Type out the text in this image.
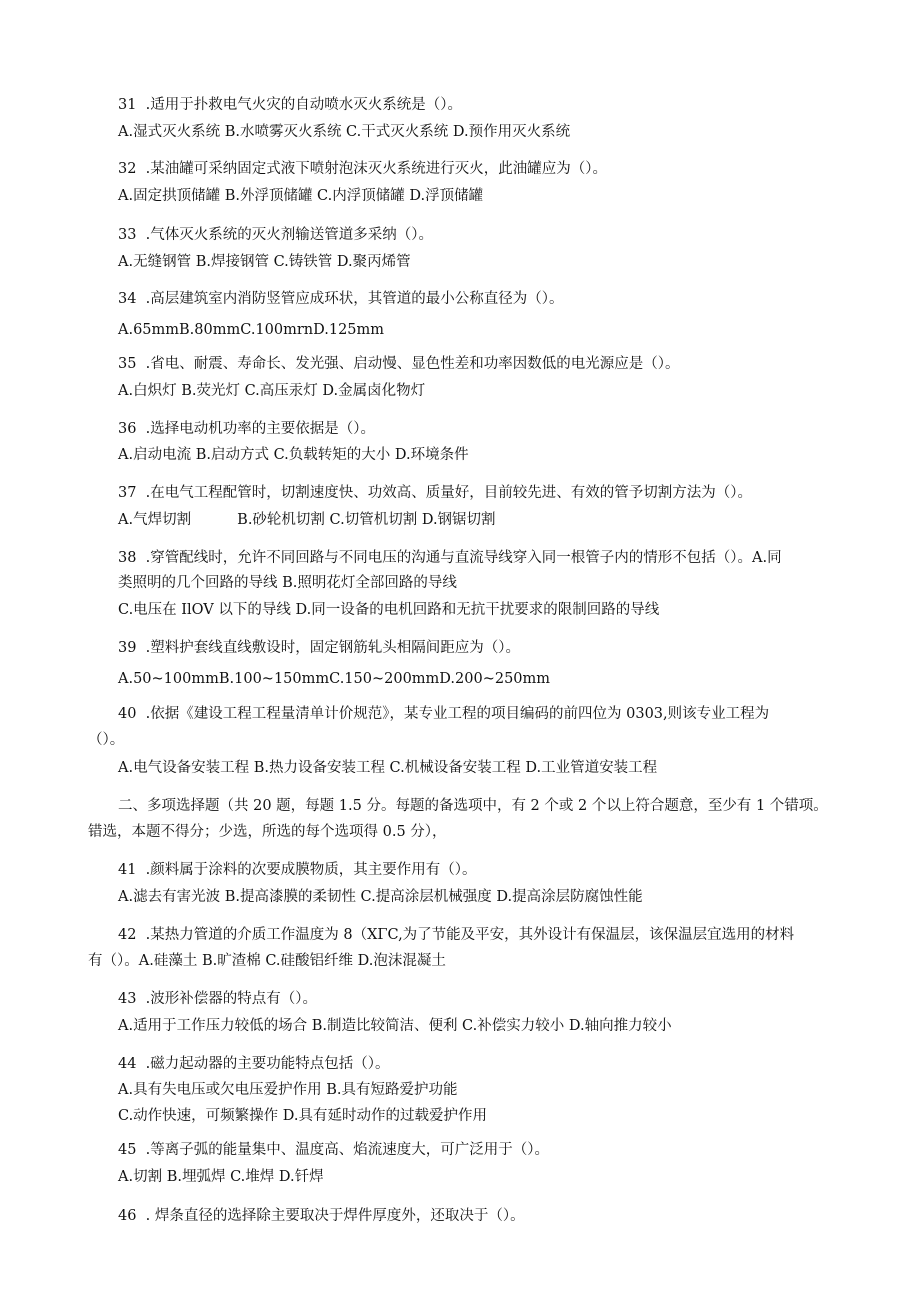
31  .适用于扑救电气火灾的自动喷水灭火系统是（）。
A.湿式灭火系统 B.水喷雾灭火系统 C.干式灭火系统 D.预作用灭火系统
32  .某油罐可采纳固定式液下喷射泡沫灭火系统进行灭火，此油罐应为（）。
A.固定拱顶储罐 B.外浮顶储罐 C.内浮顶储罐 D.浮顶储罐
33  .气体灭火系统的灭火剂输送管道多采纳（）。
A.无缝钢管 B.焊接钢管 C.铸铁管 D.聚丙烯管
34  .高层建筑室内消防竖管应成环状，其管道的最小公称直径为（）。
A.65mmB.80mmC.100mrnD.125mm
35  .省电、耐震、寿命长、发光强、启动慢、显色性差和功率因数低的电光源应是（）。
A.白炽灯 B.荧光灯 C.高压汞灯 D.金属卤化物灯
36  .选择电动机功率的主要依据是（）。
A.启动电流 B.启动方式 C.负载转矩的大小 D.环境条件
37  .在电气工程配管时，切割速度快、功效高、质量好，目前较先进、有效的管予切割方法为（）。
A.气焊切割          B.砂轮机切割 C.切管机切割 D.钢锯切割
38  .穿管配线时，允许不同回路与不同电压的沟通与直流导线穿入同一根管子内的情形不包括（）。A.同
类照明的几个回路的导线 B.照明花灯全部回路的导线
C.电压在 IlOV 以下的导线 D.同一设备的电机回路和无抗干扰要求的限制回路的导线
39  .塑料护套线直线敷设时，固定钢筋轧头相隔间距应为（）。
A.50~100mmB.100~150mmC.150~200mmD.200~250mm
40  .依据《建设工程工程量清单计价规范》，某专业工程的项目编码的前四位为 0303,则该专业工程为
（）。
A.电气设备安装工程 B.热力设备安装工程 C.机械设备安装工程 D.工业管道安装工程
二、多项选择题（共 20 题，每题 1.5 分。每题的备选项中，有 2 个或 2 个以上符合题意，至少有 1 个错项。
错选，本题不得分；少选，所选的每个选项得 0.5 分），
41  .颜料属于涂料的次要成膜物质，其主要作用有（）。
A.滤去有害光波 B.提高漆膜的柔韧性 C.提高涂层机械强度 D.提高涂层防腐蚀性能
42  .某热力管道的介质工作温度为 8（XΓC,为了节能及平安，其外设计有保温层，该保温层宜选用的材料
有（）。A.硅藻土 B.旷渣棉 C.硅酸铝纤维 D.泡沫混凝土
43  .波形补偿器的特点有（）。
A.适用于工作压力较低的场合 B.制造比较简洁、便利 C.补偿实力较小 D.轴向推力较小
44  .磁力起动器的主要功能特点包括（）。
A.具有失电压或欠电压爱护作用 B.具有短路爱护功能
C.动作快速，可频繁操作 D.具有延时动作的过载爱护作用
45  .等离子弧的能量集中、温度高、焰流速度大，可广泛用于（）。
A.切割 B.埋弧焊 C.堆焊 D.钎焊
46  . 焊条直径的选择除主要取决于焊件厚度外，还取决于（）。
